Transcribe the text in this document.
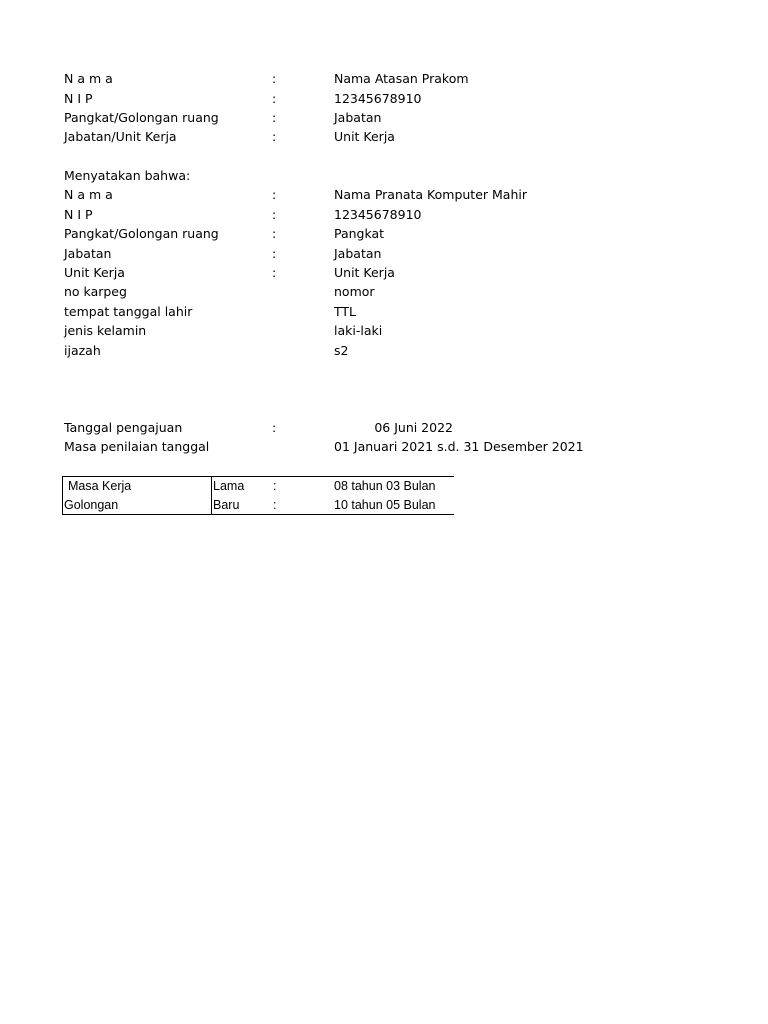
N a m a	:	Nama Atasan Prakom
N I P	:	12345678910
Pangkat/Golongan ruang	:	Jabatan
Jabatan/Unit Kerja	:	Unit Kerja
Menyatakan bahwa:
N a m a	:	Nama Pranata Komputer Mahir
N I P	:	12345678910
Pangkat/Golongan ruang	:	Pangkat
Jabatan	:	Jabatan
Unit Kerja	:	Unit Kerja
no karpeg	nomor
tempat tanggal lahir	TTL
jenis kelamin	laki-laki
ijazah	s2
Tanggal pengajuan	:	06 Juni 2022
Masa penilaian tanggal	01 Januari 2021 s.d. 31 Desember 2021
Masa Kerja	Lama :	08 tahun 03 Bulan
Golongan	Baru	:	10 tahun 05 Bulan
